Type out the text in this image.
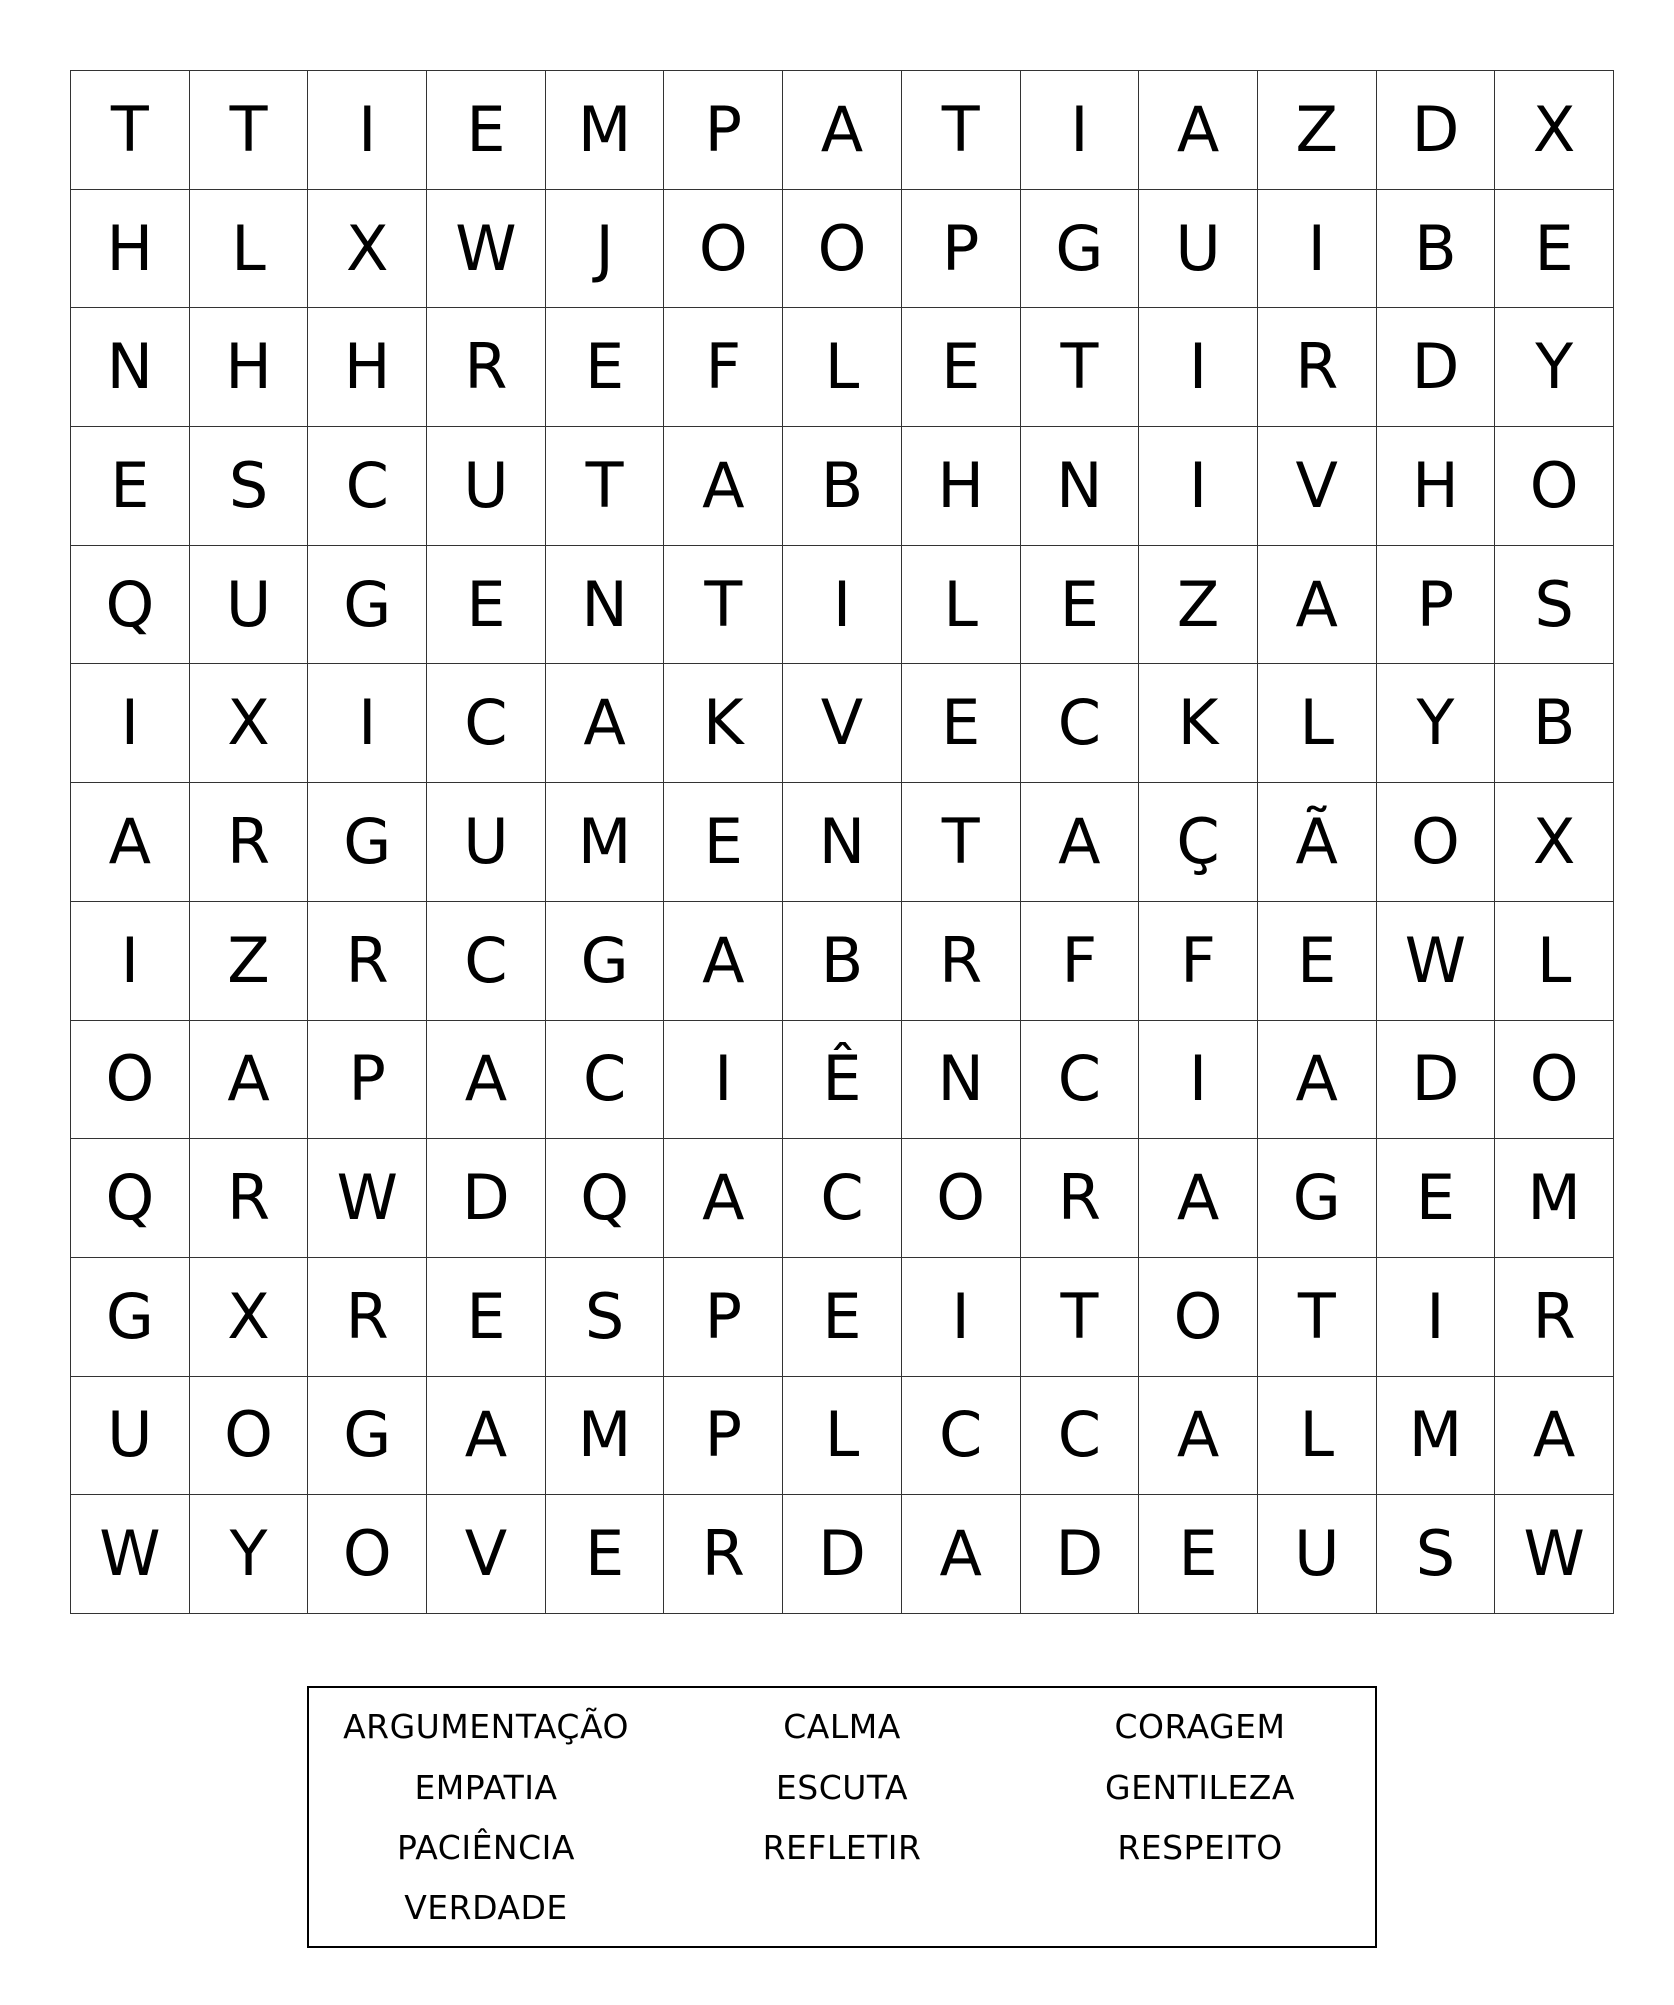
T	T	I	E	M	P	A	T	I	A	Z	D	X
H	L	X	W	J	O	O	P	G	U	I	B	E
N	H	H	R	E	F	L	E	T	I	R	D	Y
E	S	C	U	T	A	B	H	N	I	V	H	O
Q	U	G	E	N	T	I	L	E	Z	A	P	S
I	X	I	C	A	K	V	E	C	K	L	Y	B
A	R	G	U	M	E	N	T	A	Ç	Ã	O	X
I	Z	R	C	G	A	B	R	F	F	E	W	L
O	A	P	A	C	I	Ê	N	C	I	A	D	O
Q	R	W	D	Q	A	C	O	R	A	G	E	M
G	X	R	E	S	P	E	I	T	O	T	I	R
U	O	G	A	M	P	L	C	C	A	L	M	A
W	Y	O	V	E	R	D	A	D	E	U	S	W
ARGUMENTAÇÃO	CALMA	CORAGEM
EMPATIA	ESCUTA	GENTILEZA
PACIÊNCIA	REFLETIR	RESPEITO
VERDADE
